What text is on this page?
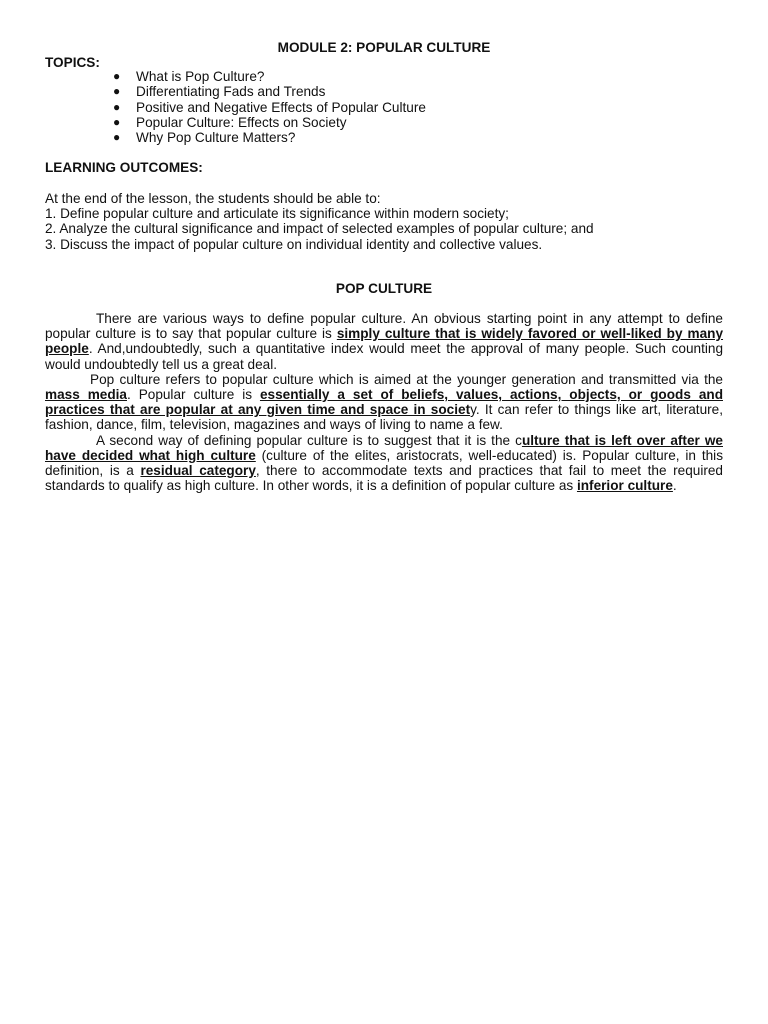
MODULE 2: POPULAR CULTURE
TOPICS:
● What is Pop Culture?
● Differentiating Fads and Trends
● Positive and Negative Effects of Popular Culture
● Popular Culture: Effects on Society
● Why Pop Culture Matters?
LEARNING OUTCOMES:
At the end of the lesson, the students should be able to:
1. Define popular culture and articulate its significance within modern society;
2. Analyze the cultural significance and impact of selected examples of popular culture; and
3. Discuss the impact of popular culture on individual identity and collective values.
POP CULTURE

There are various ways to define popular culture. An obvious starting point in any attempt to define popular culture is to say that popular culture is simply culture that is widely favored or well-liked by many people. And,undoubtedly, such a quantitative index would meet the approval of many people. Such counting would undoubtedly tell us a great deal.

Pop culture refers to popular culture which is aimed at the younger generation and transmitted via the mass media. Popular culture is essentially a set of beliefs, values, actions, objects, or goods and practices that are popular at any given time and space in society. It can refer to things like art, literature, fashion, dance, film, television, magazines and ways of living to name a few.

A second way of defining popular culture is to suggest that it is the culture that is left over after we have decided what high culture (culture of the elites, aristocrats, well-educated) is. Popular culture, in this definition, is a residual category, there to accommodate texts and practices that fail to meet the required standards to qualify as high culture. In other words, it is a definition of popular culture as inferior culture.
